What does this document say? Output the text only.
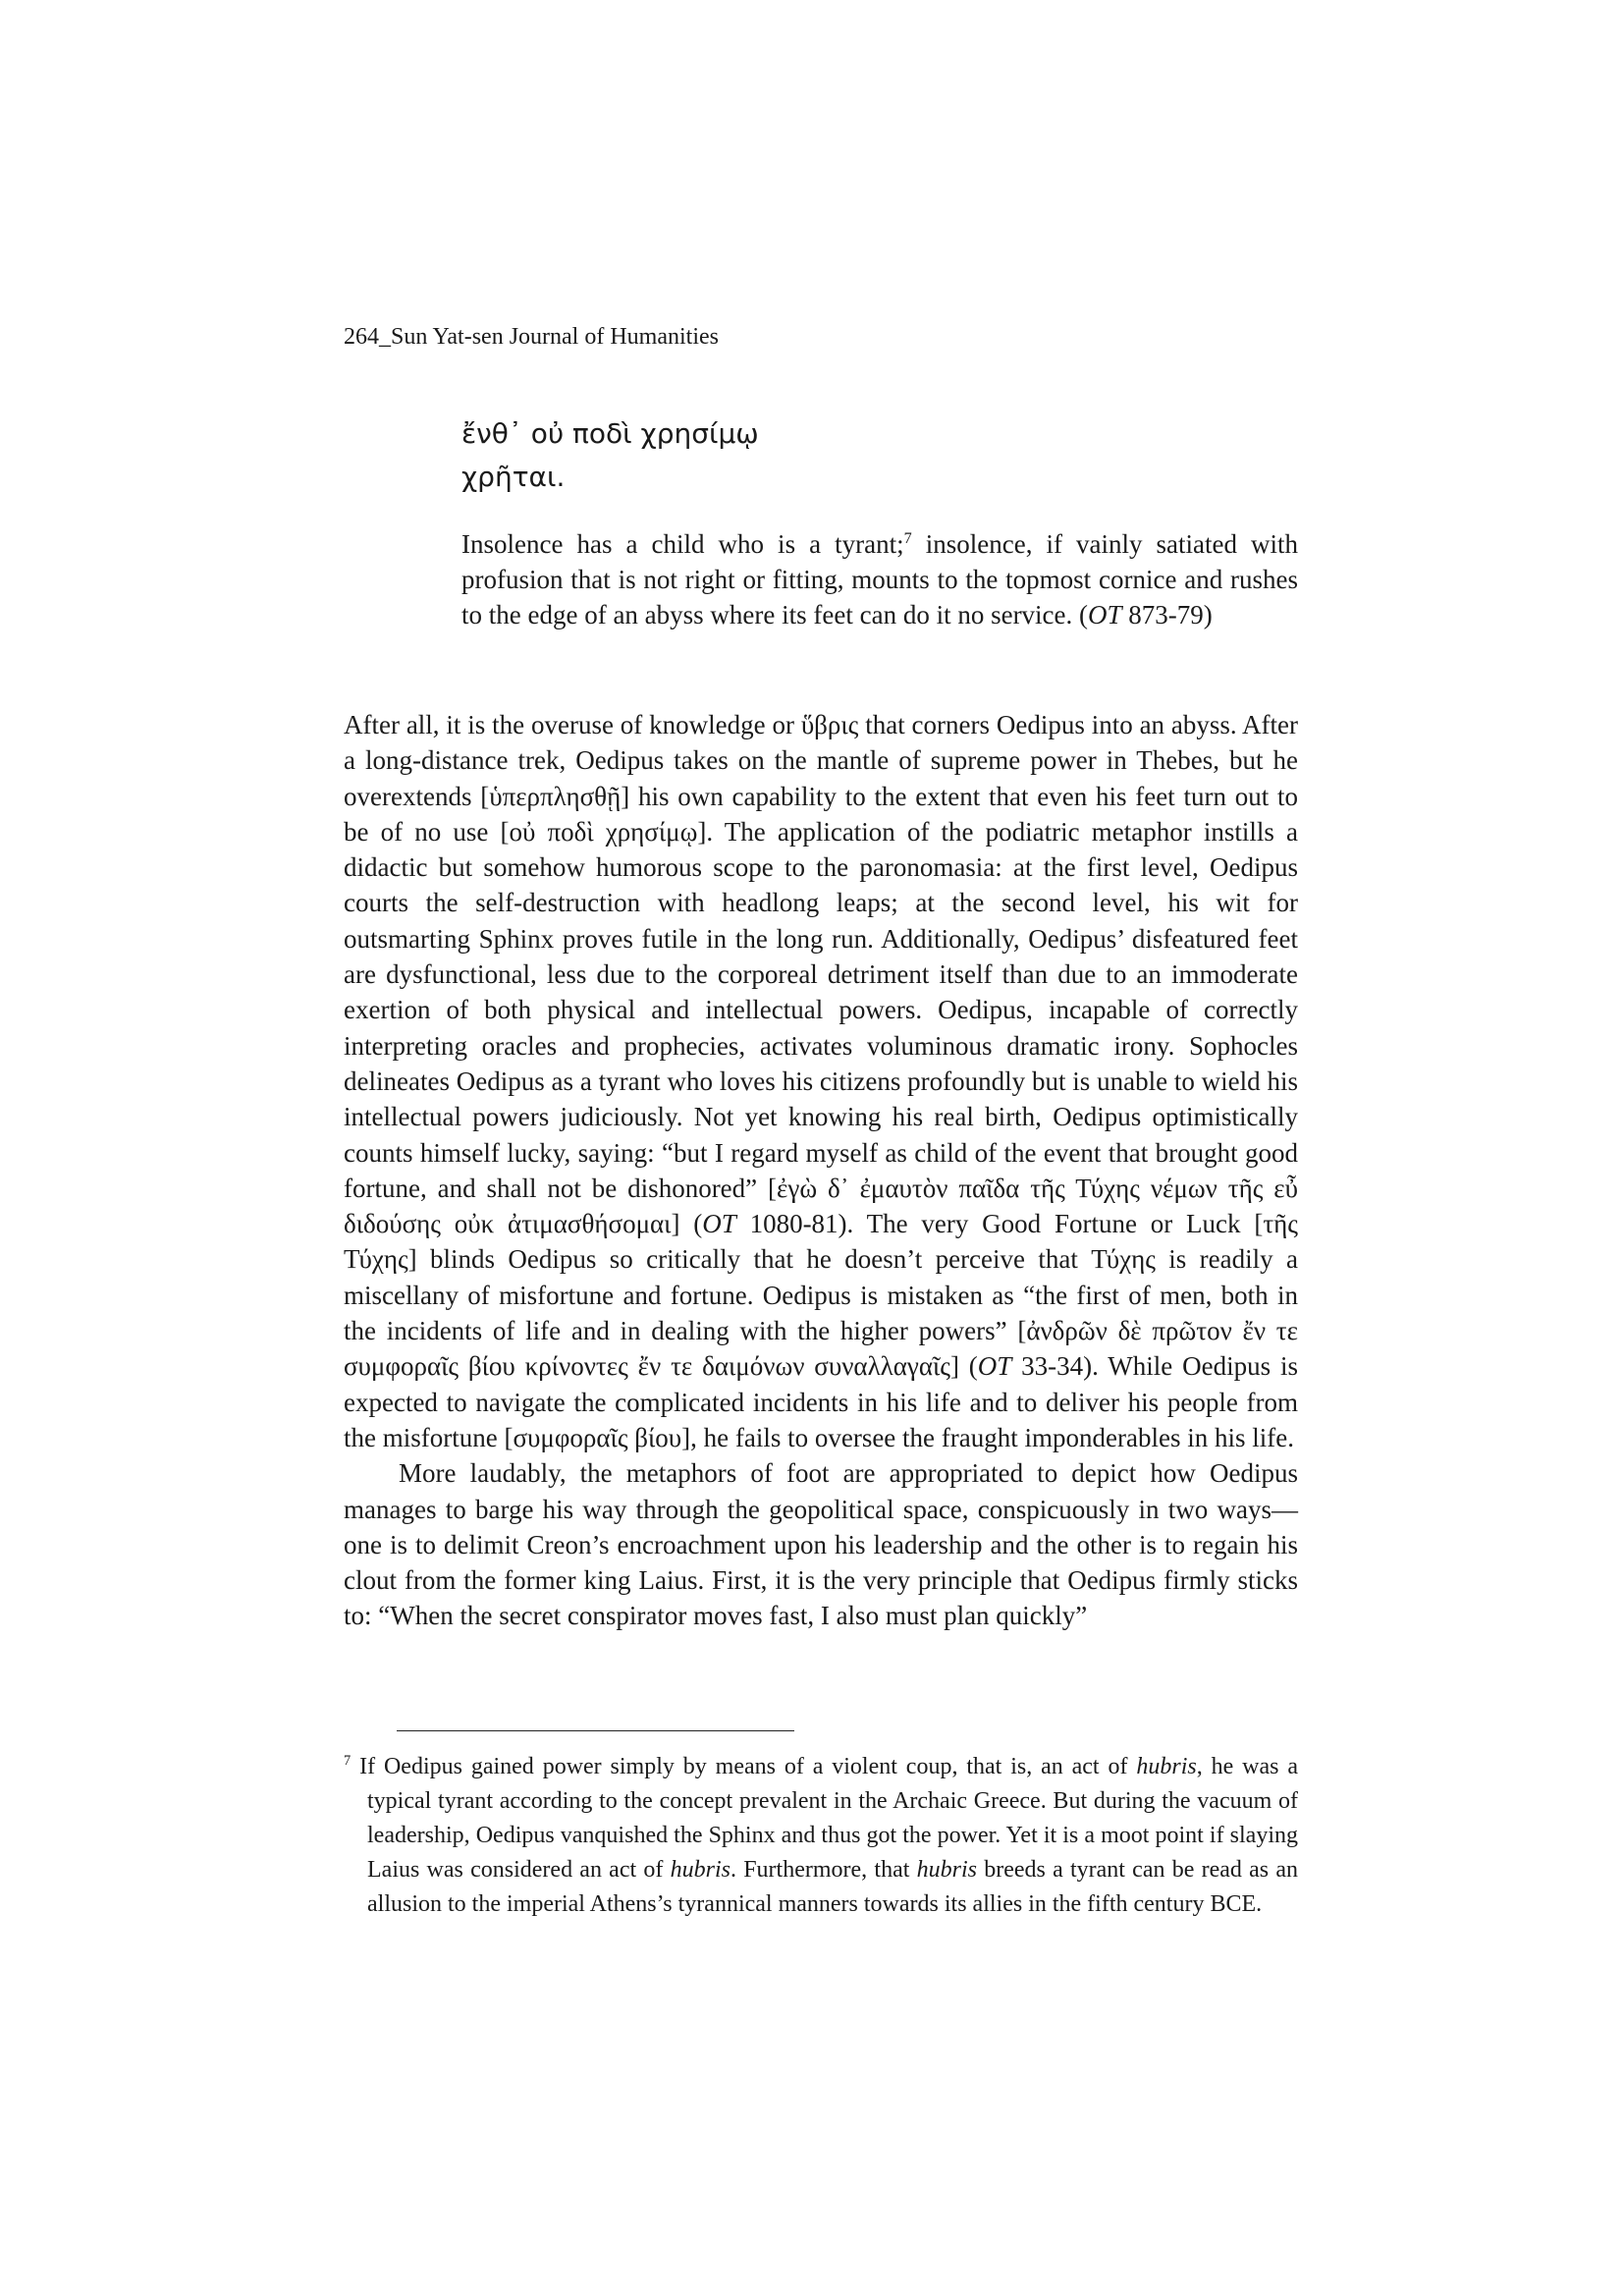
264_Sun Yat-sen Journal of Humanities
ἔνθ᾽ οὐ ποδὶ χρησίμῳ
χρῆται.

Insolence has a child who is a tyrant;$^7$ insolence, if vainly satiated with profusion that is not right or fitting, mounts to the topmost cornice and rushes to the edge of an abyss where its feet can do it no service. (OT 873-79)

After all, it is the overuse of knowledge or ὕβρις that corners Oedipus into an abyss. After a long-distance trek, Oedipus takes on the mantle of supreme power in Thebes, but he overextends [ὑπερπλησθῇ] his own capability to the extent that even his feet turn out to be of no use [οὐ ποδὶ χρησίμῳ]. The application of the podiatric metaphor instills a didactic but somehow humorous scope to the paronomasia: at the first level, Oedipus courts the self-destruction with headlong leaps; at the second level, his wit for outsmarting Sphinx proves futile in the long run. Additionally, Oedipus’ disfeatured feet are dysfunctional, less due to the corporeal detriment itself than due to an immoderate exertion of both physical and intellectual powers. Oedipus, incapable of correctly interpreting oracles and prophecies, activates voluminous dramatic irony. Sophocles delineates Oedipus as a tyrant who loves his citizens profoundly but is unable to wield his intellectual powers judiciously. Not yet knowing his real birth, Oedipus optimistically counts himself lucky, saying: “but I regard myself as child of the event that brought good fortune, and shall not be dishonored” [ἐγὼ δ᾽ ἐμαυτὸν παῖδα τῆς Τύχης νέμων τῆς εὖ διδούσης οὐκ ἀτιμασθήσομαι] (OT 1080-81). The very Good Fortune or Luck [τῆς Τύχης] blinds Oedipus so critically that he doesn’t perceive that Τύχης is readily a miscellany of misfortune and fortune. Oedipus is mistaken as “the first of men, both in the incidents of life and in dealing with the higher powers” [ἀνδρῶν δὲ πρῶτον ἔν τε συμφοραῖς βίου κρίνοντες ἔν τε δαιμόνων συναλλαγαῖς] (OT 33-34). While Oedipus is expected to navigate the complicated incidents in his life and to deliver his people from the misfortune [συμφοραῖς βίου], he fails to oversee the fraught imponderables in his life.

More laudably, the metaphors of foot are appropriated to depict how Oedipus manages to barge his way through the geopolitical space, conspicuously in two ways—one is to delimit Creon’s encroachment upon his leadership and the other is to regain his clout from the former king Laius. First, it is the very principle that Oedipus firmly sticks to: “When the secret conspirator moves fast, I also must plan quickly”

$^7$ If Oedipus gained power simply by means of a violent coup, that is, an act of hubris, he was a typical tyrant according to the concept prevalent in the Archaic Greece. But during the vacuum of leadership, Oedipus vanquished the Sphinx and thus got the power. Yet it is a moot point if slaying Laius was considered an act of hubris. Furthermore, that hubris breeds a tyrant can be read as an allusion to the imperial Athens’s tyrannical manners towards its allies in the fifth century BCE.
